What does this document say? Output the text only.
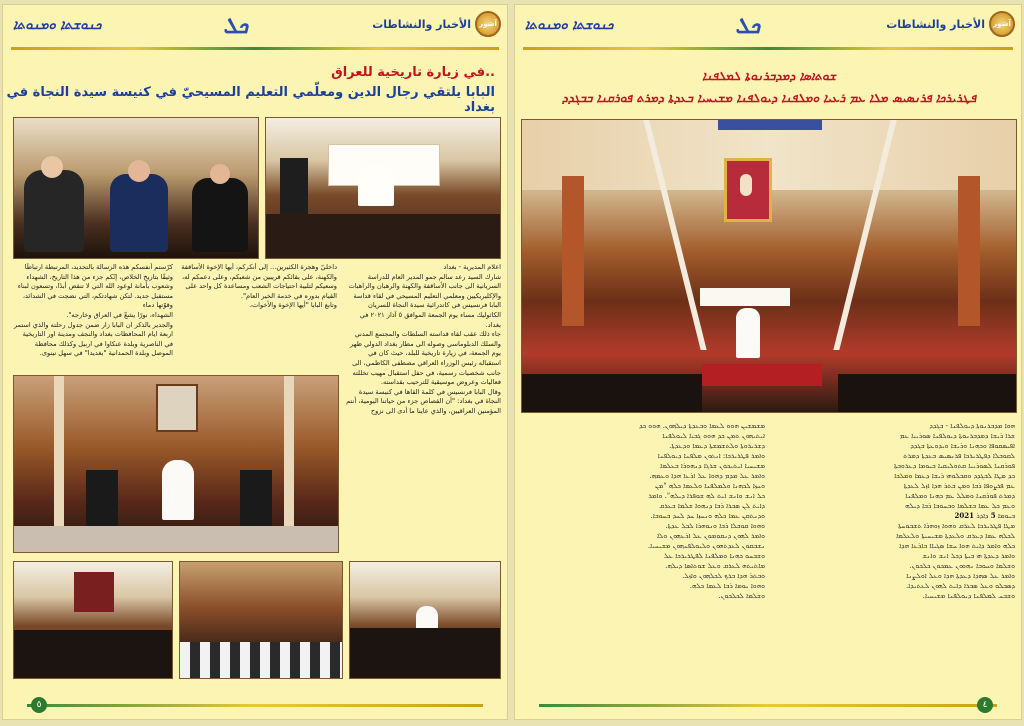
ܟܢܘܫܬܐ ܘܡܢܘܬܐ	ܟܠ	الأخبار والنشاطات	آشور
في زيارة تاريخية للعراق..
البابا يلتقي رجال الدين ومعلّمي التعليم المسيحيّ في كنيسة سيدة النجاة في بغداد
اعلام المديرية - بغداد
شارك السيد رعد سالم جمو المدير العام للدراسة السريانية الى جانب الأساقفة والكهنة والرهبان والراهبات والإكليريكيين ومعلمي التعليم المسيحي في لقاء قداسة البابا فرنسيس في كاتدرائية سيدة النجاة للسريان الكاثوليك مساء يوم الجمعة الموافق ٥ آذار ٢٠٢١ في بغداد.
جاء ذلك عقب لقاء قداسته السلطات والمجتمع المدني والسلك الدبلوماسي وصوله الى مطار بغداد الدولي ظهر يوم الجمعة، في زيارة تاريخية للبلد، حيث كان في استقباله رئيس الوزراء العراقي مصطفى الكاظمي، الى جانب شخصيات رسمية، في حفل استقبال مهيب تخللته فعاليات وعروض موسيقية للترحيب بقداسته.
وقال البابا فرنسيس في كلمة القاها في كنيسة سيدة النجاة في بغداد: "أن القصاص جزء من حياتنا اليومية، أنتم المؤمنين العراقيين، والذي عاينا ما أدى الى نزوح
داخليّ وهجرة الكثيرين... إلى أنكركم، أيها الإخوة الأساقفة والكهنة، على بقائكم قريبين من شعبكم، وعلى دعمكم له، وسعيكم لتلبية احتياجات الشعب ومساعدة كل واحد على القيام بدوره في خدمة الخير العام".
وتابع البابا "أيها الإخوة والأخوات،
كرّستم أنفسكم هذه الرسالة بالتحديد، المرتبطة ارتباطًا وثيقًا بتاريخ الخلاص، إنّكم جزء من هذا التاريخ، الشهداء وشعوب بأمانة لوعود الله التي لا تنقض أبدًا، وتسعون لبناء مستقبل جديد. لتكن شهادتكم، التي نضجت في الشدائد، وقوّتها دماء
الشهداء، نورًا يشعّ في العراق وخارجه".
والجدير بالذكر ان البابا زار ضمن جدول رحلته والذي استمر اربعة ايام المحافظات بغداد والنجف ومدينة اور التاريخية في الناصرية وبلدة عنكاوا في اربيل وكذلك محافظة الموصل وبلدة الحمدانية "بغديدا" في سهل نينوى.
٥
ܟܢܘܫܬܐ ܘܡܢܘܬܐ	ܟܠ	الأخبار والنشاطات	آشور
ܫܘܬܐܣܐ ܕܡܕܒܪܢܘܬܐ ܠܡܠܦܢܐ
ܦܛܪܝܪܟܐ ܦܪܢܣܝܣ ܡܠܐ ܥܡ ܪܥܝܐ ܘܡܠܦܢܐ ܕܝܘܠܦܢܐ ܡܫܝܚܝܐ ܒܥܕܬܐ ܕܡܪܬ ܦܘܪܩܢܐ ܒܒܓܕܕ
ܗܘܐ ܡܕܒܪܢܘܬܐ ܕܝܘܠܦܢܐ - ܒܓܕܕ
ܫܪܐ ܪܝܫܐ ܕܡܕܒܪܢܘܬܐ ܕܝܘܠܦܢܐ ܣܘܪܝܝܐ ܥܡ
ܐܦܝܣܩܘܦܐ ܘܟܗܢܐ ܘܪܝܫܐ ܘܝܕܘܥܬܐ ܒܓܕܕ
ܠܩܘܒܠܐ ܕܦܛܪܝܪܟܐ ܦܪܢܣܝܣ ܒܥܕܬܐ ܕܡܪܬ
ܦܘܪܩܢܐ ܠܣܘܪܝܝܐ ܩܬܘܠܝܩܝܐ ܒܝܘܡܐ ܕܥܪܘܒܬܐ
ܟܕ ܡܛܐ ܠܒܓܕܕ ܘܩܒܠܘܗܝ ܪܝܫܐ ܕܥܡܐ ܘܡܠܟܐ
ܥܡ ܦܪܨܘܦܐ ܪܒܐ ܘܡܢ ܒܬܪ ܗܕܐ ܐܙܠ ܠܥܕܬܐ
ܕܡܪܬ ܦܘܪܩܢܐ ܘܡܠܠ ܥܡ ܟܗܢܐ ܘܡܠܦܢܐ
ܘܥܡ ܟܠ ܥܡܐ ܒܫܠܡܐ ܘܒܚܘܒܐ ܪܒܐ ܕܝܠܗ
ܒܝܘܡܐ 5 ܕܐܕܪ 2021
ܡܛܐ ܦܛܪܝܪܟܐ ܠܥܪܩ ܘܗܘܐ ܙܘܗܪܐ ܬܫܒܘܚܬܐ
ܠܟܠܗ ܥܡܐ ܕܥܪܩ ܘܠܥܕܬܐ ܡܫܝܚܝܬܐ ܘܠܥܠܡܐ
ܟܠܗ ܘܐܡܪ ܕܐܝܬ ܗܘܐ ܚܫܐ ܣܓܝܐܐ ܒܐܪܥܐ ܗܕܐ
ܘܐܡܪ ܕܥܕܬܐ ܗܝ ܒܝܬܐ ܕܟܠ ܐܢܫ ܘܐܢܫ
ܘܫܠܡܐ ܘܚܘܒܐ ܢܗܘܘܢ ܥܡܟܘܢ ܟܠܟܘܢ.
ܘܐܡܪ ܥܠ ܣܗܕܐ ܕܥܕܬܐ ܗܕܐ ܘܥܠ ܐܘܠܨܢܐ
ܕܣܒܠܘ ܘܥܠ ܣܒܪܐ ܕܐܝܬ ܠܗܘܢ ܠܥܬܝܕܐ.
ܘܫܒܚ ܠܡܠܦܢܐ ܕܝܘܠܦܢܐ ܡܫܝܚܝܐ.
ܡܫܡܫܝܢ ܗܘܘ ܠܥܡܐ ܘܒܥܕܬܐ ܕܝܠܗܘܢ. ܗܘܘ ܟܕ
ܐܝܬܝܗܘܢ ܬܡܢ ܟܕ ܗܘܘ ܓܒܝܐ ܠܝܘܠܦܢܐ
ܕܫܪܝܪܘܬܐ ܘܠܬܫܡܫܬܐ ܕܥܡܐ ܘܕܥܕܬܐ.
ܘܐܡܪ ܦܛܪܝܪܟܐ: ܐܢܬܘܢ ܡܠܦܢܐ ܕܝܘܠܦܢܐ
ܡܫܝܚܝܐ ܐܝܬܝܟܘܢ ܫܪܓܐ ܕܢܗܘܪܐ ܒܥܠܡܐ
ܘܐܡܪ ܥܠ ܡܕܡ ܕܗܘܐ ܥܠ ܐܪܥܐ ܗܕܐ ܘܥܡܗ.
ܘܚܙܐ ܠܟܗܢܐ ܘܠܡܠܦܢܐ ܘܠܥܡܐ ܟܠܗ "ܡܢ
ܟܠ ܐܢܫ ܘܐܢܫ ܐܝܬ ܠܗ ܫܘܦܪܐ ܕܝܠܗ". ܘܐܡܪ
ܕܐܝܬ ܠܢ ܣܒܪܐ ܪܒܐ ܕܢܗܘܐ ܫܠܡܐ ܒܥܪܩ
ܘܕܢܬܩܢ ܥܡܐ ܟܠܗ ܘܢܚܙܐ ܚܕ ܠܚܕ ܒܚܘܒܐ.
ܘܗܘܐ ܩܘܒܠܐ ܪܒܐ ܘܢܘܗܪܐ ܠܟܠ ܥܕܬܐ.
ܘܐܡܪ ܠܗܘܢ ܕܢܩܘܡܘܢ ܥܠ ܐܪܥܗܘܢ ܘܠܐ
ܢܫܒܩܘܢ ܠܥܕܬܗܘܢ ܘܠܝܘܠܦܢܗܘܢ ܡܫܝܚܝܐ.
ܘܫܒܚܘ ܟܗܢܐ ܘܡܠܦܢܐ ܠܦܛܪܝܪܟܐ ܥܠ
ܡܐܬܝܬܗ ܠܥܪܩ ܘܥܠ ܫܘܬܐܣܐ ܕܝܠܗ.
ܘܒܬܪ ܗܕܐ ܒܪܟ ܠܟܠܗܘܢ ܘܐܙܠ.
ܘܗܘܐ ܝܘܡܐ ܪܒܐ ܠܥܡܐ ܟܠܗ.
ܘܫܠܡܐ ܠܟܠܟܘܢ.
٤
